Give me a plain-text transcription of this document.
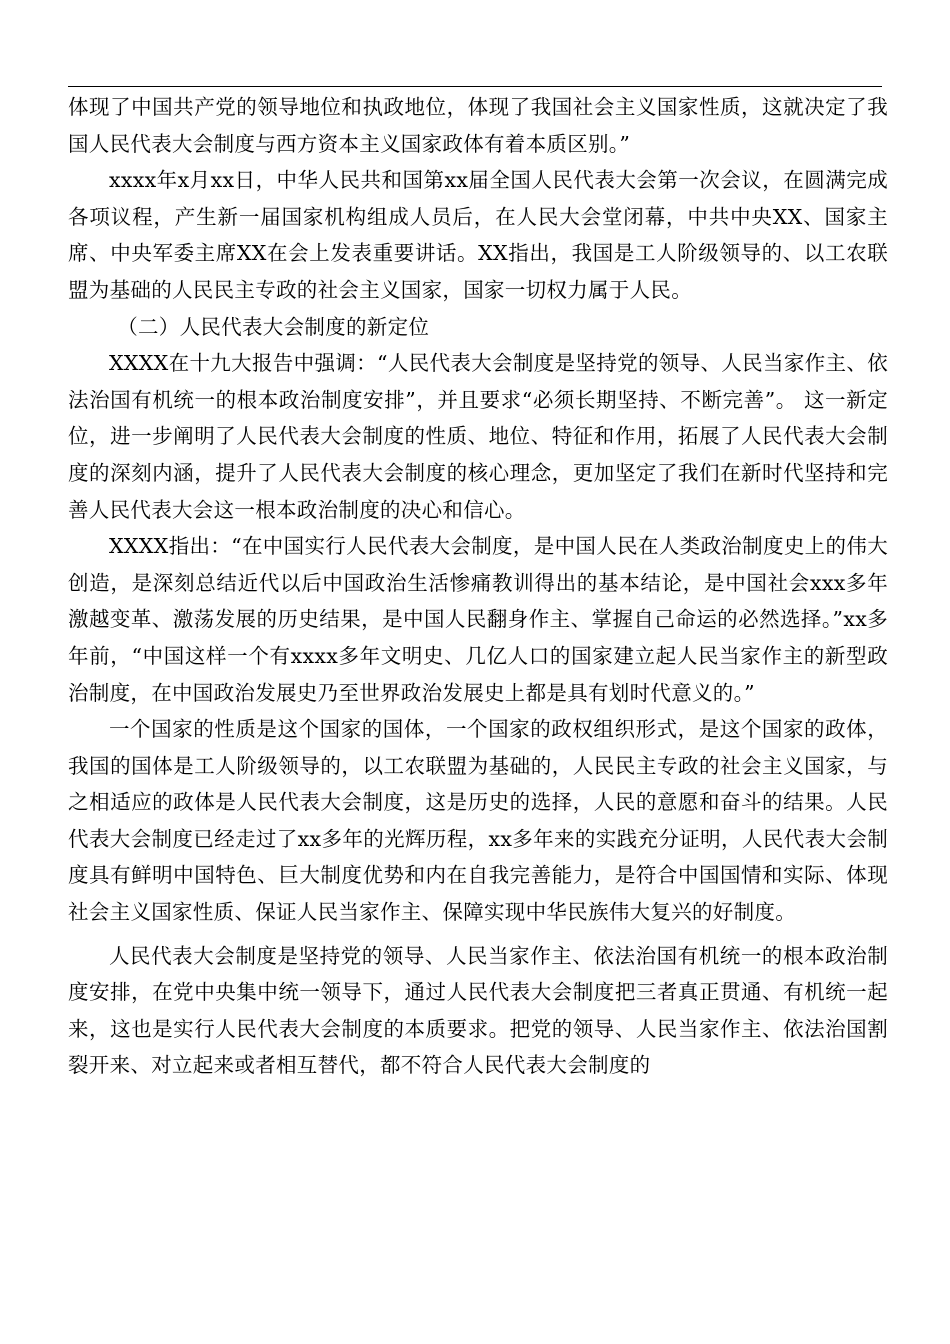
体现了中国共产党的领导地位和执政地位，体现了我国社会主义国家性质，这就决定了我国人民代表大会制度与西方资本主义国家政体有着本质区别。”

xxxx年x月xx日，中华人民共和国第xx届全国人民代表大会第一次会议，在圆满完成各项议程，产生新一届国家机构组成人员后，在人民大会堂闭幕，中共中央XX、国家主席、中央军委主席XX在会上发表重要讲话。XX指出，我国是工人阶级领导的、以工农联盟为基础的人民民主专政的社会主义国家，国家一切权力属于人民。

（二）人民代表大会制度的新定位

XXXX在十九大报告中强调：“人民代表大会制度是坚持党的领导、人民当家作主、依法治国有机统一的根本政治制度安排”，并且要求“必须长期坚持、不断完善”。 这一新定位，进一步阐明了人民代表大会制度的性质、地位、特征和作用，拓展了人民代表大会制度的深刻内涵，提升了人民代表大会制度的核心理念，更加坚定了我们在新时代坚持和完善人民代表大会这一根本政治制度的决心和信心。

XXXX指出：“在中国实行人民代表大会制度，是中国人民在人类政治制度史上的伟大创造，是深刻总结近代以后中国政治生活惨痛教训得出的基本结论，是中国社会xxx多年激越变革、激荡发展的历史结果，是中国人民翻身作主、掌握自己命运的必然选择。”xx多年前，“中国这样一个有xxxx多年文明史、几亿人口的国家建立起人民当家作主的新型政治制度，在中国政治发展史乃至世界政治发展史上都是具有划时代意义的。”

一个国家的性质是这个国家的国体，一个国家的政权组织形式，是这个国家的政体，我国的国体是工人阶级领导的，以工农联盟为基础的，人民民主专政的社会主义国家，与之相适应的政体是人民代表大会制度，这是历史的选择，人民的意愿和奋斗的结果。人民代表大会制度已经走过了xx多年的光辉历程，xx多年来的实践充分证明，人民代表大会制度具有鲜明中国特色、巨大制度优势和内在自我完善能力，是符合中国国情和实际、体现社会主义国家性质、保证人民当家作主、保障实现中华民族伟大复兴的好制度。

人民代表大会制度是坚持党的领导、人民当家作主、依法治国有机统一的根本政治制度安排，在党中央集中统一领导下，通过人民代表大会制度把三者真正贯通、有机统一起来，这也是实行人民代表大会制度的本质要求。把党的领导、人民当家作主、依法治国割裂开来、对立起来或者相互替代，都不符合人民代表大会制度的
